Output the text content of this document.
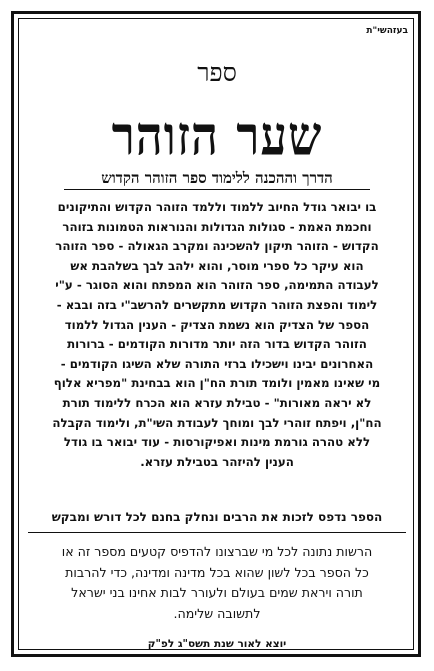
בעזהשי"ת
ספר
שער הזוהר
הדרך וההכנה ללימוד ספר הזוהר הקדוש
בו יבואר גודל החיוב ללמוד וללמד הזוהר הקדוש והתיקונים
וחכמת האמת - סגולות הגדולות והנוראות הטמונות בזוהר
הקדוש - הזוהר תיקון להשכינה ומקרב הגאולה - ספר הזוהר
הוא עיקר כל ספרי מוסר, והוא ילהב לבך בשלהבת אש
לעבודה התמימה, ספר הזוהר הוא המפתח והוא הסוגר - ע"י
לימוד והפצת הזוהר הקדוש מתקשרים להרשב"י בזה ובבא -
הספר של הצדיק הוא נשמת הצדיק - הענין הגדול ללמוד
הזוהר הקדוש בדור הזה יותר מדורות הקודמים - ברורות
האחרונים יבינו וישכילו ברזי התורה שלא השיגו הקודמים -
מי שאינו מאמין ולומד תורת הח"ן הוא בבחינת "מפריא אלוף
לא יראה מאורות" - טבילת עזרא הוא הכרח ללימוד תורת
הח"ן, ויפתח זוהרי לבך ומוחך לעבודת השי"ת, ולימוד הקבלה
ללא טהרה גורמת מינות ואפיקורסות - עוד יבואר בו גודל
הענין להיזהר בטבילת עזרא.
הספר נדפס לזכות את הרבים ונחלק בחנם לכל דורש ומבקש
הרשות נתונה לכל מי שברצונו להדפיס קטעים מספר זה או
כל הספר בכל לשון שהוא בכל מדינה ומדינה, כדי להרבות
תורה ויראת שמים בעולם ולעורר לבות אחינו בני ישראל
לתשובה שלימה.
יוצא לאור שנת תשס"ג לפ"ק
